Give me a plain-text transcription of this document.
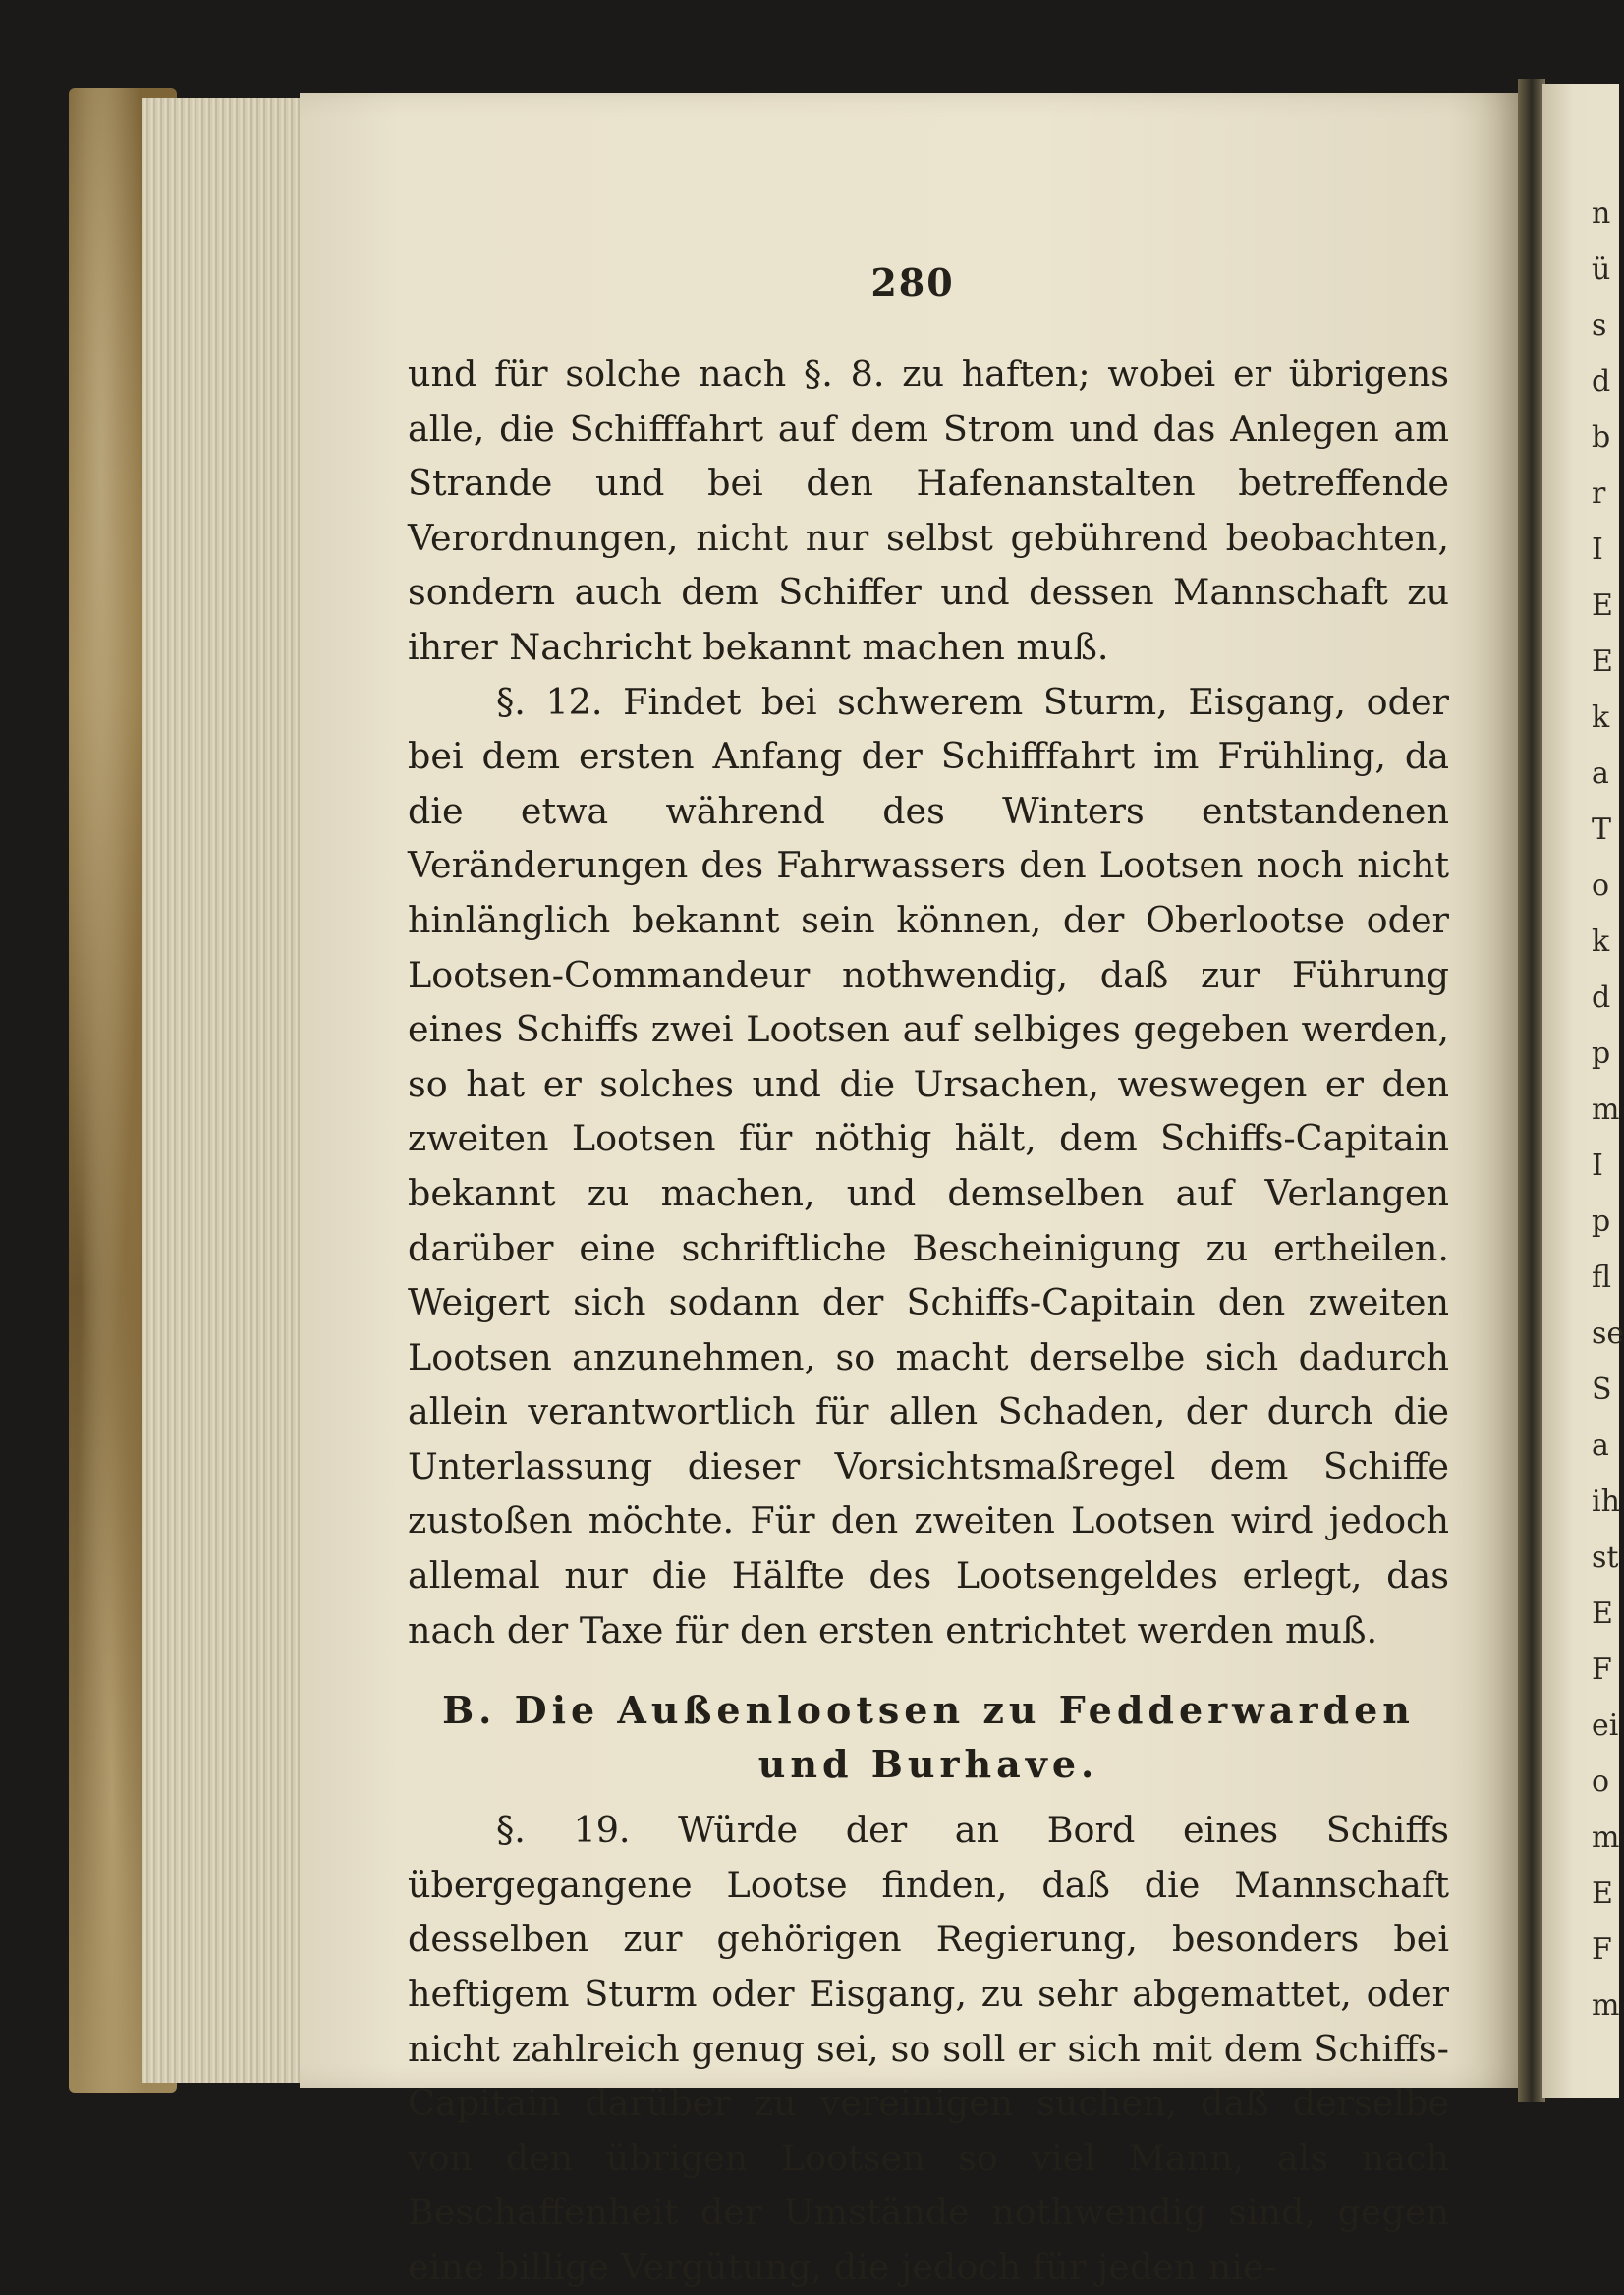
280

und für solche nach §. 8. zu haften; wobei er übrigens alle, die Schifffahrt auf dem Strom und das Anlegen am Strande und bei den Hafenanstalten betreffende Verordnungen, nicht nur selbst gebührend beobachten, sondern auch dem Schiffer und dessen Mannschaft zu ihrer Nachricht bekannt machen muß.

§. 12. Findet bei schwerem Sturm, Eisgang, oder bei dem ersten Anfang der Schifffahrt im Frühling, da die etwa während des Winters entstandenen Veränderungen des Fahrwassers den Lootsen noch nicht hinlänglich bekannt sein können, der Oberlootse oder Lootsen-Commandeur nothwendig, daß zur Führung eines Schiffs zwei Lootsen auf selbiges gegeben werden, so hat er solches und die Ursachen, weswegen er den zweiten Lootsen für nöthig hält, dem Schiffs-Capitain bekannt zu machen, und demselben auf Verlangen darüber eine schriftliche Bescheinigung zu ertheilen. Weigert sich sodann der Schiffs-Capitain den zweiten Lootsen anzunehmen, so macht derselbe sich dadurch allein verantwortlich für allen Schaden, der durch die Unterlassung dieser Vorsichtsmaßregel dem Schiffe zustoßen möchte. Für den zweiten Lootsen wird jedoch allemal nur die Hälfte des Lootsengeldes erlegt, das nach der Taxe für den ersten entrichtet werden muß.

B. Die Außenlootsen zu Fedderwarden und Burhave.

§. 19. Würde der an Bord eines Schiffs übergegangene Lootse finden, daß die Mannschaft desselben zur gehörigen Regierung, besonders bei heftigem Sturm oder Eisgang, zu sehr abgemattet, oder nicht zahlreich genug sei, so soll er sich mit dem Schiffs-Capitain darüber zu vereinigen suchen, daß derselbe von den übrigen Lootsen so viel Mann, als nach Beschaffenheit der Umstände nothwendig sind, gegen eine billige Vergütung, die jedoch für jeden nie-

n
ü
s
d
b
r
I
E
E
k
a
T
o
k
d
p
m
I
p
fl
se
S
a
ih
st
E
F
ei
o
m
E
F
m
